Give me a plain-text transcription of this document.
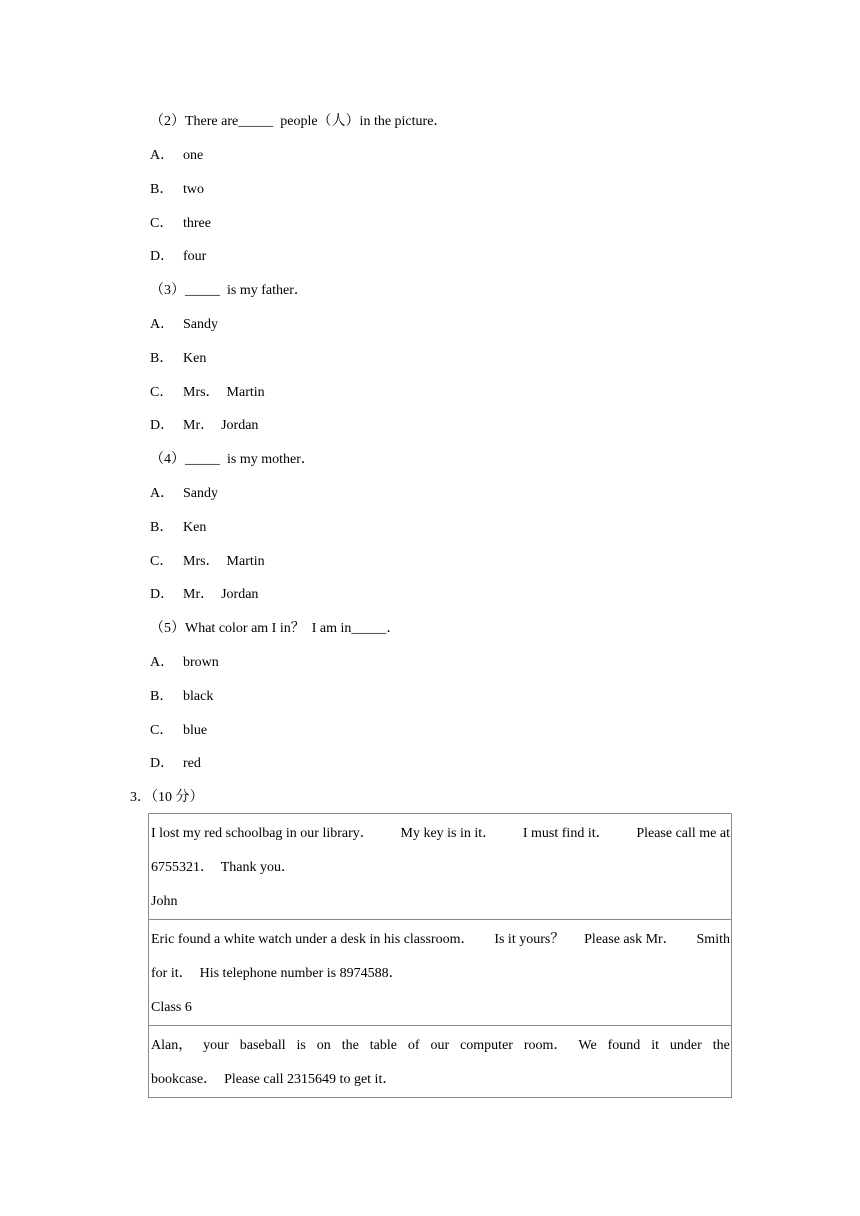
（2）There are_____  people（人）in the picture．
A． one
B． two
C． three
D． four
（3）_____  is my father．
A． Sandy
B． Ken
C． Mrs．  Martin
D． Mr．  Jordan
（4）_____  is my mother．
A． Sandy
B． Ken
C． Mrs．  Martin
D． Mr．  Jordan
（5）What color am I in？  I am in_____．
A． brown
B． black
C． blue
D． red
3．（10 分）
I lost my red schoolbag in our library． My key is in it． I must find it． Please call me at
6755321．  Thank you．
John
Eric found a white watch under a desk in his classroom． Is it yours？ Please ask Mr． Smith
for it．  His telephone number is 8974588．
Class 6
Alan， your baseball is on the table of our computer room． We found it under the
bookcase．  Please call 2315649 to get it．
